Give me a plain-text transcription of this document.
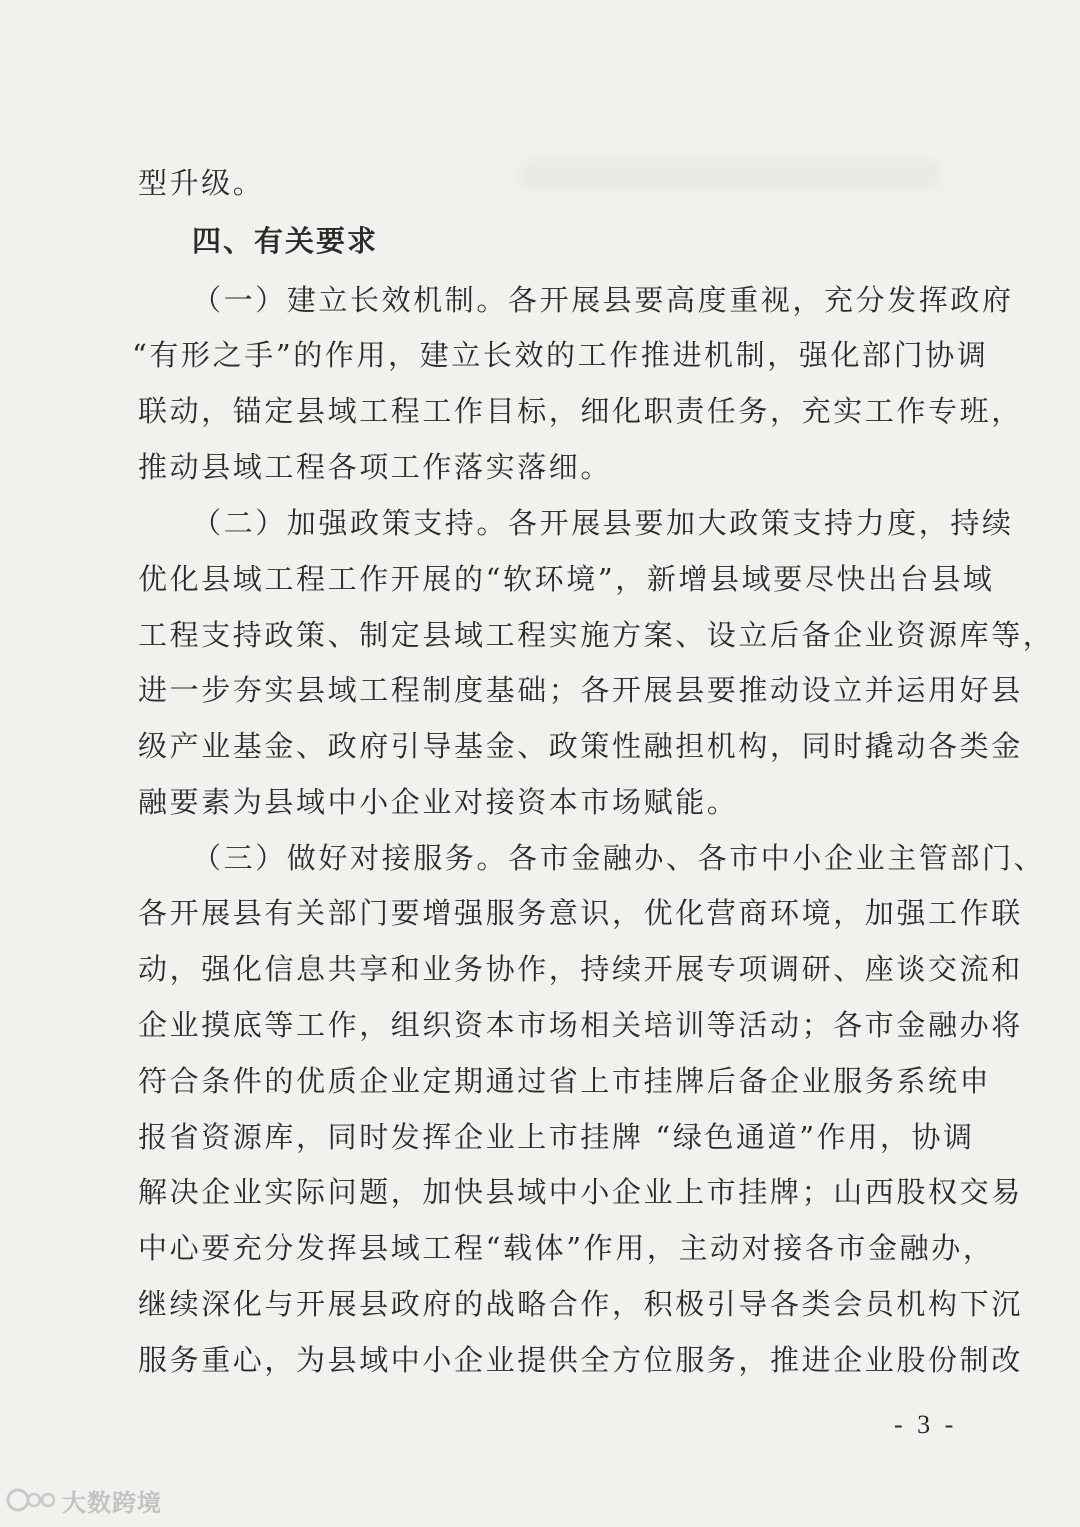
型升级。
四、有关要求
（一）建立长效机制。各开展县要高度重视，充分发挥政府
“有形之手”的作用，建立长效的工作推进机制，强化部门协调
联动，锚定县域工程工作目标，细化职责任务，充实工作专班，
推动县域工程各项工作落实落细。
（二）加强政策支持。各开展县要加大政策支持力度，持续
优化县域工程工作开展的“软环境”，新增县域要尽快出台县域
工程支持政策、制定县域工程实施方案、设立后备企业资源库等，
进一步夯实县域工程制度基础；各开展县要推动设立并运用好县
级产业基金、政府引导基金、政策性融担机构，同时撬动各类金
融要素为县域中小企业对接资本市场赋能。
（三）做好对接服务。各市金融办、各市中小企业主管部门、
各开展县有关部门要增强服务意识，优化营商环境，加强工作联
动，强化信息共享和业务协作，持续开展专项调研、座谈交流和
企业摸底等工作，组织资本市场相关培训等活动；各市金融办将
符合条件的优质企业定期通过省上市挂牌后备企业服务系统申
报省资源库，同时发挥企业上市挂牌 “绿色通道”作用，协调
解决企业实际问题，加快县域中小企业上市挂牌；山西股权交易
中心要充分发挥县域工程“载体”作用，主动对接各市金融办，
继续深化与开展县政府的战略合作，积极引导各类会员机构下沉
服务重心，为县域中小企业提供全方位服务，推进企业股份制改
- 3 -
大数跨境
